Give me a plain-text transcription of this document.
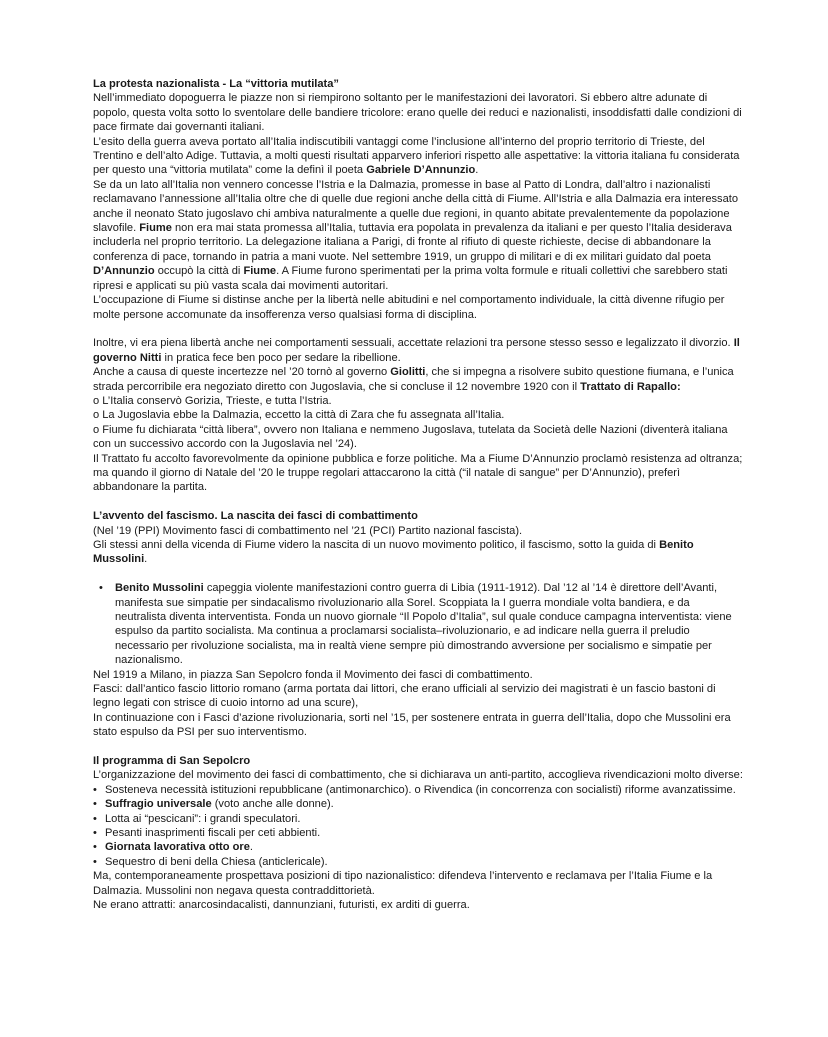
La protesta nazionalista - La “vittoria mutilata”

Nell’immediato dopoguerra le piazze non si riempirono soltanto per le manifestazioni dei lavoratori. Si ebbero altre adunate di popolo, questa volta sotto lo sventolare delle bandiere tricolore: erano quelle dei reduci e nazionalisti, insoddisfatti dalle condizioni di pace firmate dai governanti italiani.

L’esito della guerra aveva portato all’Italia indiscutibili vantaggi come l’inclusione all’interno del proprio territorio di Trieste, del Trentino e dell’alto Adige. Tuttavia, a molti questi risultati apparvero inferiori rispetto alle aspettative: la vittoria italiana fu considerata per questo una “vittoria mutilata” come la definì il poeta Gabriele D’Annunzio.

Se da un lato all’Italia non vennero concesse l’Istria e la Dalmazia, promesse in base al Patto di Londra, dall’altro i nazionalisti reclamavano l’annessione all’Italia oltre che di quelle due regioni anche della città di Fiume. All’Istria e alla Dalmazia era interessato anche il neonato Stato jugoslavo chi ambiva naturalmente a quelle due regioni, in quanto abitate prevalentemente da popolazione slavofile. Fiume non era mai stata promessa all’Italia, tuttavia era popolata in prevalenza da italiani e per questo l’Italia desiderava includerla nel proprio territorio. La delegazione italiana a Parigi, di fronte al rifiuto di queste richieste, decise di abbandonare la conferenza di pace, tornando in patria a mani vuote. Nel settembre 1919, un gruppo di militari e di ex militari guidato dal poeta D’Annunzio occupò la città di Fiume. A Fiume furono sperimentati per la prima volta formule e rituali collettivi che sarebbero stati ripresi e applicati su più vasta scala dai movimenti autoritari.

L’occupazione di Fiume si distinse anche per la libertà nelle abitudini e nel comportamento individuale, la città divenne rifugio per molte persone accomunate da insofferenza verso qualsiasi forma di disciplina.

Inoltre, vi era piena libertà anche nei comportamenti sessuali, accettate relazioni tra persone stesso sesso e legalizzato il divorzio. Il governo Nitti in pratica fece ben poco per sedare la ribellione.

Anche a causa di queste incertezze nel ’20 tornò al governo Giolitti, che si impegna a risolvere subito questione fiumana, e l’unica strada percorribile era negoziato diretto con Jugoslavia, che si concluse il 12 novembre 1920 con il Trattato di Rapallo:

o L’Italia conservò Gorizia, Trieste, e tutta l’Istria.

o La Jugoslavia ebbe la Dalmazia, eccetto la città di Zara che fu assegnata all’Italia.

o Fiume fu dichiarata “città libera”, ovvero non Italiana e nemmeno Jugoslava, tutelata da Società delle Nazioni (diventerà italiana con un successivo accordo con la Jugoslavia nel ’24).

Il Trattato fu accolto favorevolmente da opinione pubblica e forze politiche. Ma a Fiume D’Annunzio proclamò resistenza ad oltranza; ma quando il giorno di Natale del ’20 le truppe regolari attaccarono la città (“il natale di sangue” per D’Annunzio), preferì abbandonare la partita.

L’avvento del fascismo. La nascita dei fasci di combattimento

(Nel ’19 (PPI) Movimento fasci di combattimento nel ’21 (PCI) Partito nazional fascista).

Gli stessi anni della vicenda di Fiume videro la nascita di un nuovo movimento politico, il fascismo, sotto la guida di Benito Mussolini.

• Benito Mussolini capeggia violente manifestazioni contro guerra di Libia (1911-1912). Dal ’12 al ’14 è direttore dell’Avanti, manifesta sue simpatie per sindacalismo rivoluzionario alla Sorel. Scoppiata la I guerra mondiale volta bandiera, e da neutralista diventa interventista. Fonda un nuovo giornale “Il Popolo d’Italia”, sul quale conduce campagna interventista: viene espulso da partito socialista. Ma continua a proclamarsi socialista–rivoluzionario, e ad indicare nella guerra il preludio necessario per rivoluzione socialista, ma in realtà viene sempre più dimostrando avversione per socialismo e simpatie per nazionalismo.

Nel 1919 a Milano, in piazza San Sepolcro fonda il Movimento dei fasci di combattimento.

Fasci: dall’antico fascio littorio romano (arma portata dai littori, che erano ufficiali al servizio dei magistrati è un fascio bastoni di legno legati con strisce di cuoio intorno ad una scure),

In continuazione con i Fasci d’azione rivoluzionaria, sorti nel ’15, per sostenere entrata in guerra dell’Italia, dopo che Mussolini era stato espulso da PSI per suo interventismo.

Il programma di San Sepolcro

L’organizzazione del movimento dei fasci di combattimento, che si dichiarava un anti-partito, accoglieva rivendicazioni molto diverse:

• Sosteneva necessità istituzioni repubblicane (antimonarchico). o Rivendica (in concorrenza con socialisti) riforme avanzatissime.

• Suffragio universale (voto anche alle donne).

• Lotta ai “pescicani”: i grandi speculatori.

• Pesanti inasprimenti fiscali per ceti abbienti.

• Giornata lavorativa otto ore.

• Sequestro di beni della Chiesa (anticlericale).

Ma, contemporaneamente prospettava posizioni di tipo nazionalistico: difendeva l’intervento e reclamava per l’Italia Fiume e la Dalmazia. Mussolini non negava questa contraddittorietà.

Ne erano attratti: anarcosindacalisti, dannunziani, futuristi, ex arditi di guerra.
